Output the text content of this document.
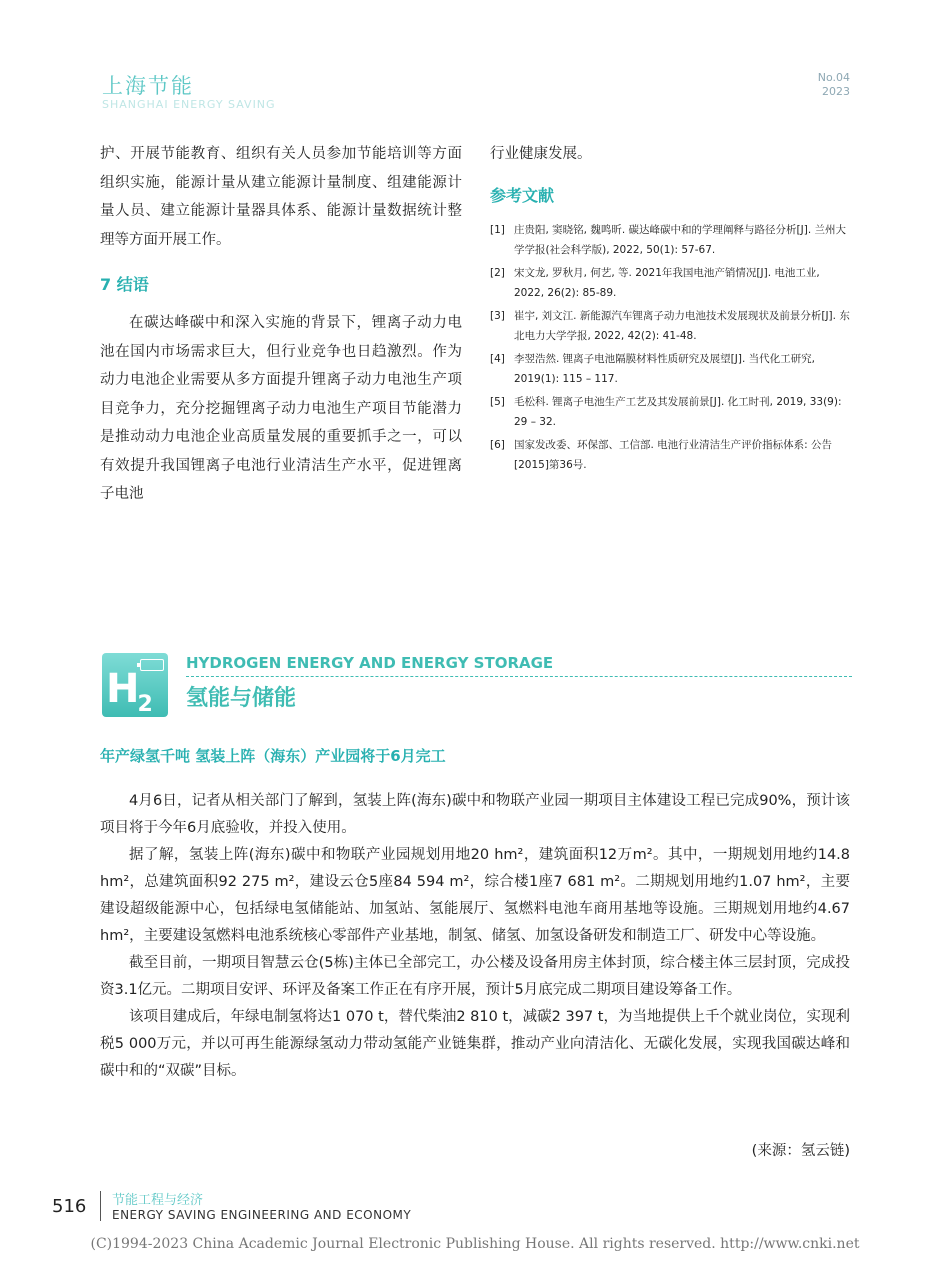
上海节能
SHANGHAI ENERGY SAVING
No.04
2023

护、开展节能教育、组织有关人员参加节能培训等方面组织实施，能源计量从建立能源计量制度、组建能源计量人员、建立能源计量器具体系、能源计量数据统计整理等方面开展工作。

7 结语

在碳达峰碳中和深入实施的背景下，锂离子动力电池在国内市场需求巨大，但行业竞争也日趋激烈。作为动力电池企业需要从多方面提升锂离子动力电池生产项目竞争力，充分挖掘锂离子动力电池生产项目节能潜力是推动动力电池企业高质量发展的重要抓手之一，可以有效提升我国锂离子电池行业清洁生产水平，促进锂离子电池

行业健康发展。

参考文献
[1] 庄贵阳, 窦晓铭, 魏鸣昕. 碳达峰碳中和的学理阐释与路径分析[J]. 兰州大学学报(社会科学版), 2022, 50(1): 57-67.
[2] 宋文龙, 罗秋月, 何艺, 等. 2021年我国电池产销情况[J]. 电池工业, 2022, 26(2): 85-89.
[3] 崔宇, 刘文江. 新能源汽车锂离子动力电池技术发展现状及前景分析[J]. 东北电力大学学报, 2022, 42(2): 41-48.
[4] 李翌浩然. 锂离子电池隔膜材料性质研究及展望[J]. 当代化工研究, 2019(1): 115 – 117.
[5] 毛松科. 锂离子电池生产工艺及其发展前景[J]. 化工时刊, 2019, 33(9): 29 – 32.
[6] 国家发改委、环保部、工信部. 电池行业清洁生产评价指标体系: 公告[2015]第36号.
$H_2$
HYDROGEN ENERGY AND ENERGY STORAGE
氢能与储能
年产绿氢千吨 氢装上阵（海东）产业园将于6月完工

4月6日，记者从相关部门了解到，氢装上阵(海东)碳中和物联产业园一期项目主体建设工程已完成90%，预计该项目将于今年6月底验收，并投入使用。

据了解，氢装上阵(海东)碳中和物联产业园规划用地20 hm²，建筑面积12万m²。其中，一期规划用地约14.8 hm²，总建筑面积92 275 m²，建设云仓5座84 594 m²，综合楼1座7 681 m²。二期规划用地约1.07 hm²，主要建设超级能源中心，包括绿电氢储能站、加氢站、氢能展厅、氢燃料电池车商用基地等设施。三期规划用地约4.67 hm²，主要建设氢燃料电池系统核心零部件产业基地，制氢、储氢、加氢设备研发和制造工厂、研发中心等设施。

截至目前，一期项目智慧云仓(5栋)主体已全部完工，办公楼及设备用房主体封顶，综合楼主体三层封顶，完成投资3.1亿元。二期项目安评、环评及备案工作正在有序开展，预计5月底完成二期项目建设筹备工作。

该项目建成后，年绿电制氢将达1 070 t，替代柴油2 810 t，减碳2 397 t，为当地提供上千个就业岗位，实现利税5 000万元，并以可再生能源绿氢动力带动氢能产业链集群，推动产业向清洁化、无碳化发展，实现我国碳达峰和碳中和的“双碳”目标。

(来源：氢云链)
516 节能工程与经济
ENERGY SAVING ENGINEERING AND ECONOMY
(C)1994-2023 China Academic Journal Electronic Publishing House. All rights reserved. http://www.cnki.net
